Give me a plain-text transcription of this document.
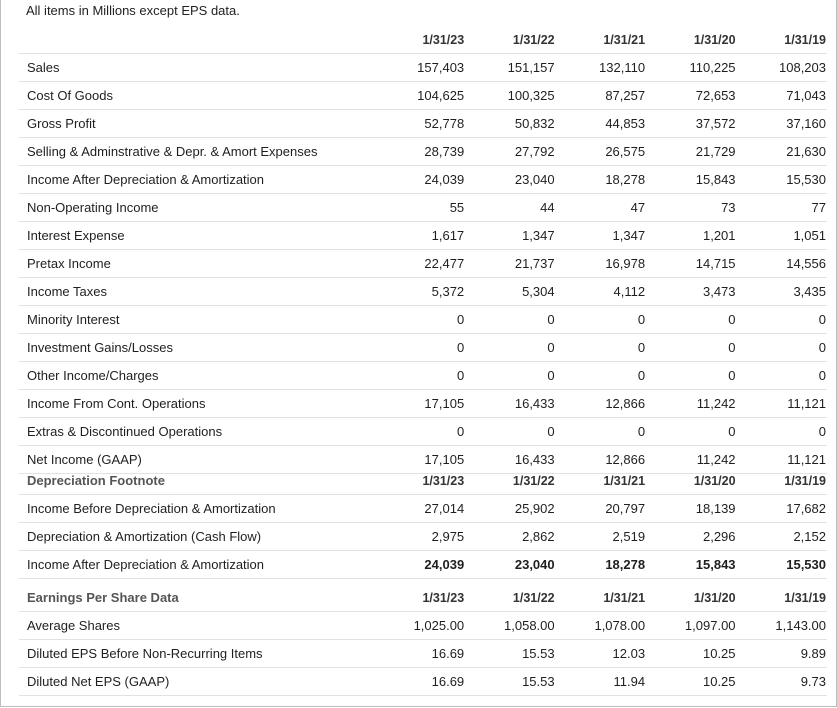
All items in Millions except EPS data.
	1/31/23	1/31/22	1/31/21	1/31/20	1/31/19
Sales	157,403	151,157	132,110	110,225	108,203
Cost Of Goods	104,625	100,325	87,257	72,653	71,043
Gross Profit	52,778	50,832	44,853	37,572	37,160
Selling & Adminstrative & Depr. & Amort Expenses	28,739	27,792	26,575	21,729	21,630
Income After Depreciation & Amortization	24,039	23,040	18,278	15,843	15,530
Non-Operating Income	55	44	47	73	77
Interest Expense	1,617	1,347	1,347	1,201	1,051
Pretax Income	22,477	21,737	16,978	14,715	14,556
Income Taxes	5,372	5,304	4,112	3,473	3,435
Minority Interest	0	0	0	0	0
Investment Gains/Losses	0	0	0	0	0
Other Income/Charges	0	0	0	0	0
Income From Cont. Operations	17,105	16,433	12,866	11,242	11,121
Extras & Discontinued Operations	0	0	0	0	0
Net Income (GAAP)	17,105	16,433	12,866	11,242	11,121
Depreciation Footnote	1/31/23	1/31/22	1/31/21	1/31/20	1/31/19
Income Before Depreciation & Amortization	27,014	25,902	20,797	18,139	17,682
Depreciation & Amortization (Cash Flow)	2,975	2,862	2,519	2,296	2,152
Income After Depreciation & Amortization	24,039	23,040	18,278	15,843	15,530
Earnings Per Share Data	1/31/23	1/31/22	1/31/21	1/31/20	1/31/19
Average Shares	1,025.00	1,058.00	1,078.00	1,097.00	1,143.00
Diluted EPS Before Non-Recurring Items	16.69	15.53	12.03	10.25	9.89
Diluted Net EPS (GAAP)	16.69	15.53	11.94	10.25	9.73
